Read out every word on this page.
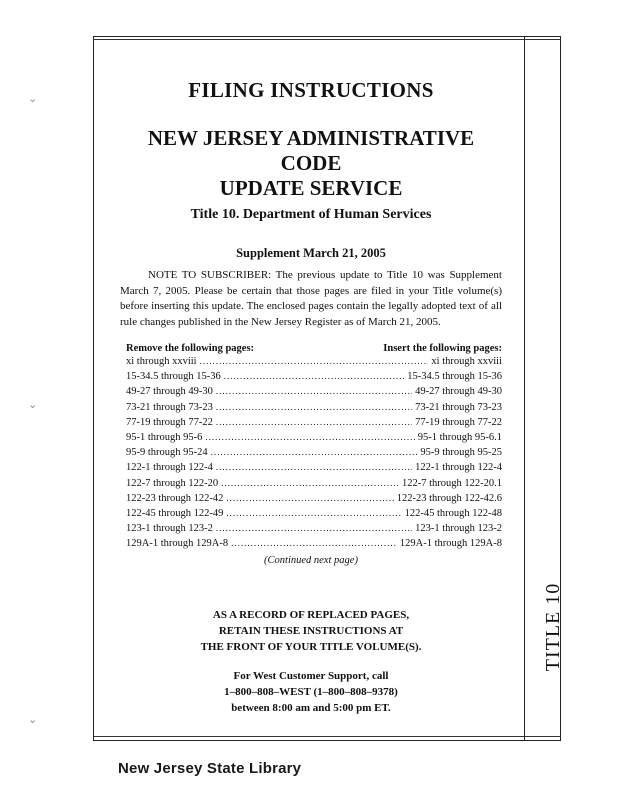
TITLE 10
⌄
⌄
⌄
FILING INSTRUCTIONS
NEW JERSEY ADMINISTRATIVE CODE
UPDATE SERVICE
Title 10. Department of Human Services
Supplement March 21, 2005
NOTE TO SUBSCRIBER: The previous update to Title 10 was Supplement March 7, 2005. Please be certain that those pages are filed in your Title volume(s) before inserting this update. The enclosed pages contain the legally adopted text of all rule changes published in the New Jersey Register as of March 21, 2005.
Remove the following pages:	Insert the following pages:
xi through xxviii .....	xi through xxviii
15-34.5 through 15-36 .....	15-34.5 through 15-36
49-27 through 49-30 .....	49-27 through 49-30
73-21 through 73-23 .....	73-21 through 73-23
77-19 through 77-22 .....	77-19 through 77-22
95-1 through 95-6 .....	95-1 through 95-6.1
95-9 through 95-24 .....	95-9 through 95-25
122-1 through 122-4 .....	122-1 through 122-4
122-7 through 122-20 .....	122-7 through 122-20.1
122-23 through 122-42 .....	122-23 through 122-42.6
122-45 through 122-49 .....	122-45 through 122-48
123-1 through 123-2 .....	123-1 through 123-2
129A-1 through 129A-8 .....	129A-1 through 129A-8
(Continued next page)
AS A RECORD OF REPLACED PAGES,
RETAIN THESE INSTRUCTIONS AT
THE FRONT OF YOUR TITLE VOLUME(S).
For West Customer Support, call
1–800–808–WEST (1–800–808–9378)
between 8:00 am and 5:00 pm ET.
New Jersey State Library
